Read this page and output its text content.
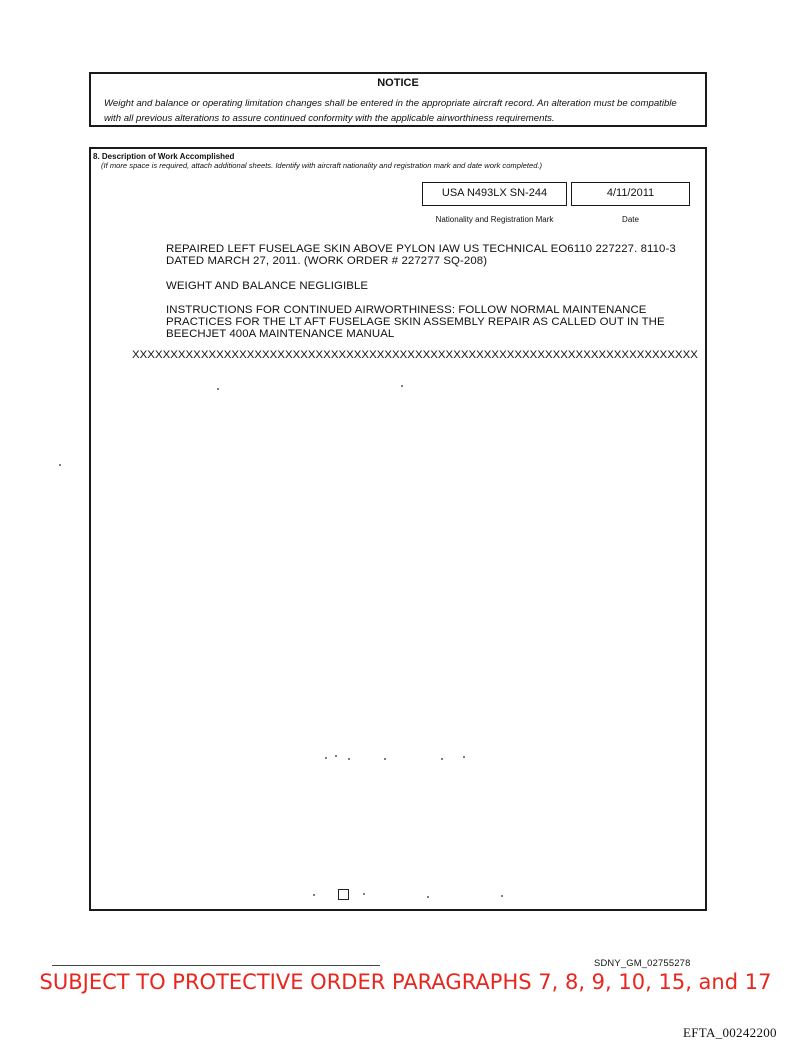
NOTICE
Weight and balance or operating limitation changes shall be entered in the appropriate aircraft record. An alteration must be compatible with all previous alterations to assure continued conformity with the applicable airworthiness requirements.
8. Description of Work Accomplished
(If more space is required, attach additional sheets. Identify with aircraft nationality and registration mark and date work completed.)
USA N493LX SN-244	4/11/2011
Nationality and Registration Mark	Date
REPAIRED LEFT FUSELAGE SKIN ABOVE PYLON IAW US TECHNICAL EO6110 227227. 8110-3 DATED MARCH 27, 2011. (WORK ORDER # 227277 SQ-208)
WEIGHT AND BALANCE NEGLIGIBLE
INSTRUCTIONS FOR CONTINUED AIRWORTHINESS: FOLLOW NORMAL MAINTENANCE PRACTICES FOR THE LT AFT FUSELAGE SKIN ASSEMBLY REPAIR AS CALLED OUT IN THE BEECHJET 400A MAINTENANCE MANUAL
XXXXXXXXXXXXXXXXXXXXXXXXXXXXXXXXXXXXXXXXXXXXXXXXXXXXXXXXXXXXXXXXXXXXXXXXXX
SDNY_GM_02755278
SUBJECT TO PROTECTIVE ORDER PARAGRAPHS 7, 8, 9, 10, 15, and 17
EFTA_00242200
